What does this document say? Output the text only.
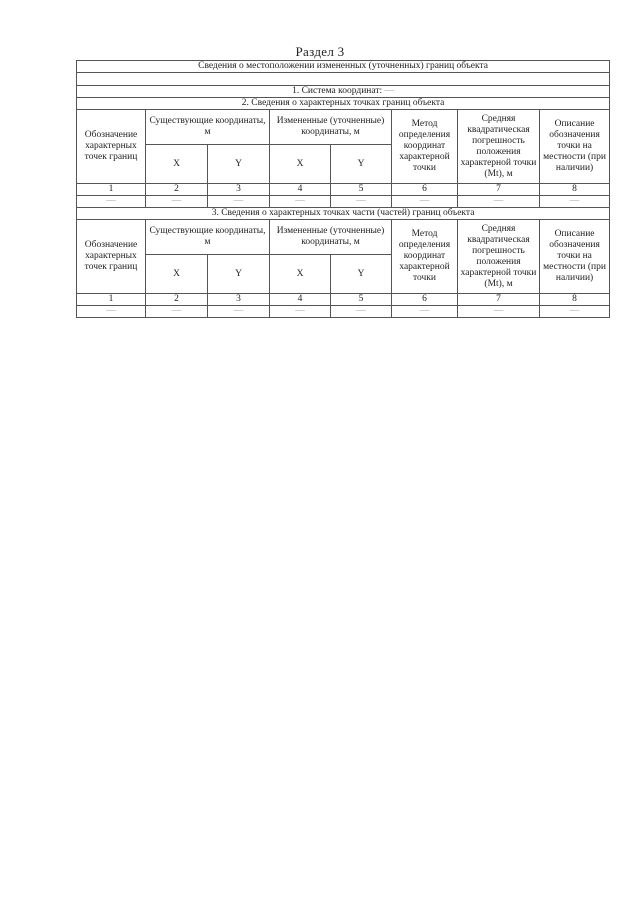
Раздел 3
Сведения о местоположении измененных (уточненных) границ объекта							

1. Система координат: —							
2. Сведения о характерных точках границ объекта							
Обозначение характерных точек границ	Существующие координаты, м		Измененные (уточненные) координаты, м		Метод определения координат характерной точки	Средняя квадратическая погрешность положения характерной точки (Mt), м	Описание обозначения точки на местности (при наличии)
	X	Y	X	Y			
1	2	3	4	5	6	7	8
—	—	—	—	—	—	—	—
3. Сведения о характерных точках части (частей) границ объекта							
Обозначение характерных точек границ	Существующие координаты, м		Измененные (уточненные) координаты, м		Метод определения координат характерной точки	Средняя квадратическая погрешность положения характерной точки (Mt), м	Описание обозначения точки на местности (при наличии)
	X	Y	X	Y			
1	2	3	4	5	6	7	8
—	—	—	—	—	—	—	—
